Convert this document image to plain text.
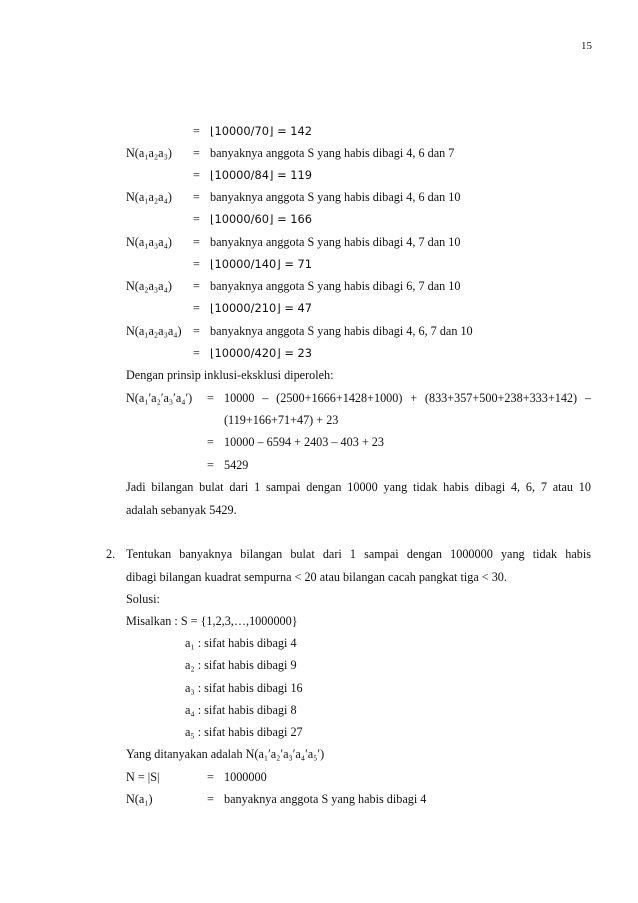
15
= ⌊10000/70⌋ = 142
N(a₁a₂a₃) = banyaknya anggota S yang habis dibagi 4, 6 dan 7
= ⌊10000/84⌋ = 119
N(a₁a₂a₄) = banyaknya anggota S yang habis dibagi 4, 6 dan 10
= ⌊10000/60⌋ = 166
N(a₁a₃a₄) = banyaknya anggota S yang habis dibagi 4, 7 dan 10
= ⌊10000/140⌋ = 71
N(a₂a₃a₄) = banyaknya anggota S yang habis dibagi 6, 7 dan 10
= ⌊10000/210⌋ = 47
N(a₁a₂a₃a₄) = banyaknya anggota S yang habis dibagi 4, 6, 7 dan 10
= ⌊10000/420⌋ = 23
Dengan prinsip inklusi-eksklusi diperoleh:
N(a₁′a₂′a₃′a₄′) = 10000 – (2500+1666+1428+1000) + (833+357+500+238+333+142) –
(119+166+71+47) + 23
= 10000 – 6594 + 2403 – 403 + 23
= 5429
Jadi bilangan bulat dari 1 sampai dengan 10000 yang tidak habis dibagi 4, 6, 7 atau 10
adalah sebanyak 5429.
2. Tentukan banyaknya bilangan bulat dari 1 sampai dengan 1000000 yang tidak habis
dibagi bilangan kuadrat sempurna < 20 atau bilangan cacah pangkat tiga < 30.
Solusi:
Misalkan : S = {1,2,3,…,1000000}
a₁ : sifat habis dibagi 4
a₂ : sifat habis dibagi 9
a₃ : sifat habis dibagi 16
a₄ : sifat habis dibagi 8
a₅ : sifat habis dibagi 27
Yang ditanyakan adalah N(a₁′a₂′a₃′a₄′a₅′)
N = |S|	= 1000000
N(a₁)	= banyaknya anggota S yang habis dibagi 4
